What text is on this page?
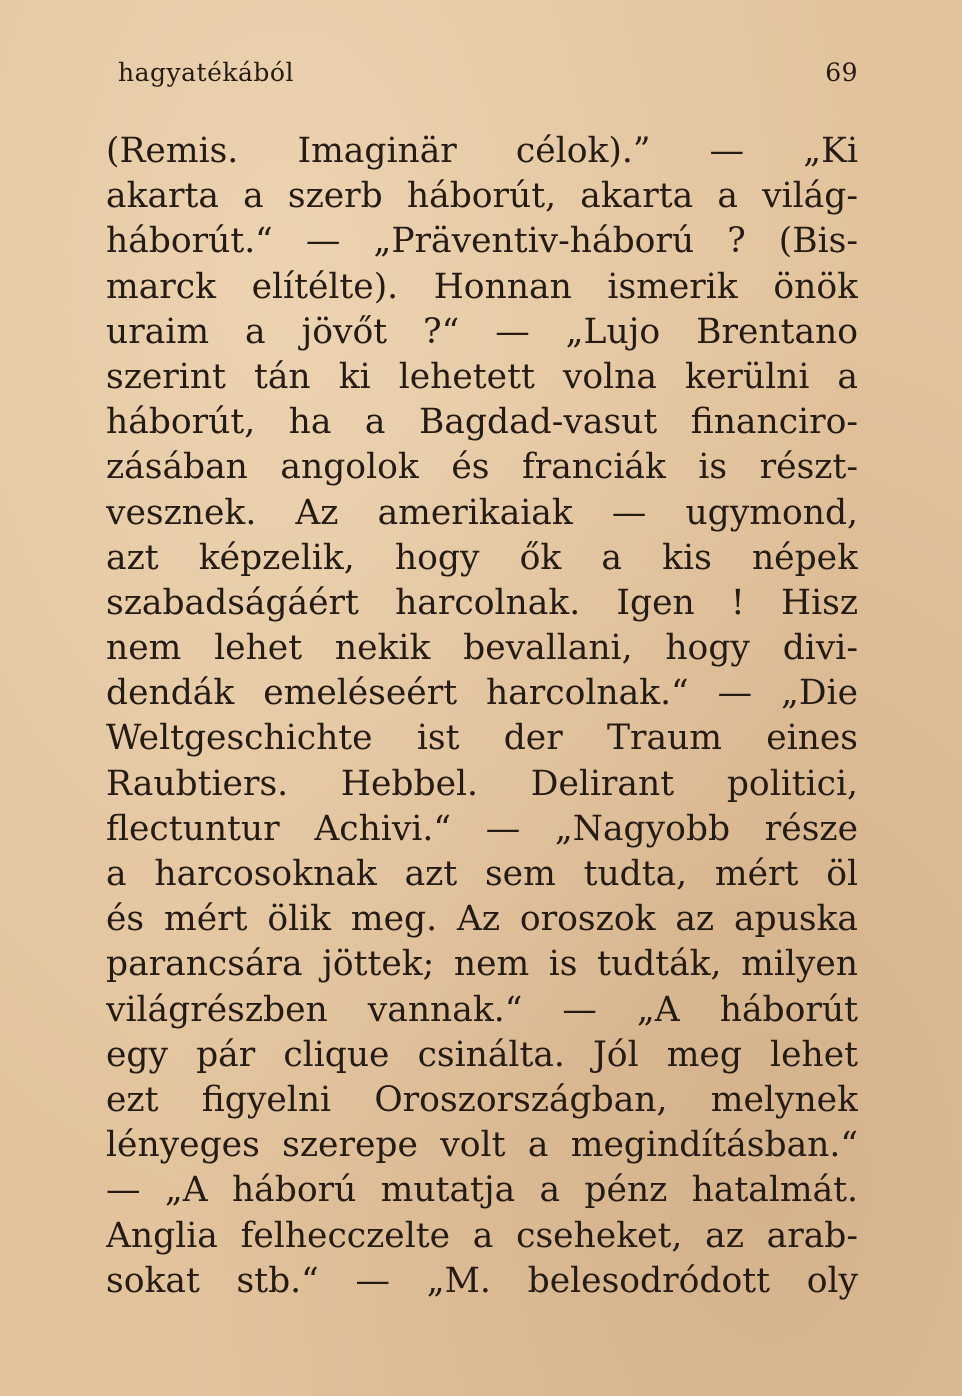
hagyatékából	69
(Remis. Imaginär célok).” — „Ki
akarta a szerb háborút, akarta a világ-
háborút.“ — „Präventiv-háború ? (Bis-
marck elítélte). Honnan ismerik önök
uraim a jövőt ?“ — „Lujo Brentano
szerint tán ki lehetett volna kerülni a
háborút, ha a Bagdad-vasut financiro-
zásában angolok és franciák is részt-
vesznek. Az amerikaiak — ugymond,
azt képzelik, hogy ők a kis népek
szabadságáért harcolnak. Igen ! Hisz
nem lehet nekik bevallani, hogy divi-
dendák emeléseért harcolnak.“ — „Die
Weltgeschichte ist der Traum eines
Raubtiers. Hebbel. Delirant politici,
flectuntur Achivi.“ — „Nagyobb része
a harcosoknak azt sem tudta, mért öl
és mért ölik meg. Az oroszok az apuska
parancsára jöttek; nem is tudták, milyen
világrészben vannak.“ — „A háborút
egy pár clique csinálta. Jól meg lehet
ezt figyelni Oroszországban, melynek
lényeges szerepe volt a megindításban.“
— „A háború mutatja a pénz hatalmát.
Anglia felhecczelte a cseheket, az arab-
sokat stb.“ — „M. belesodródott oly
